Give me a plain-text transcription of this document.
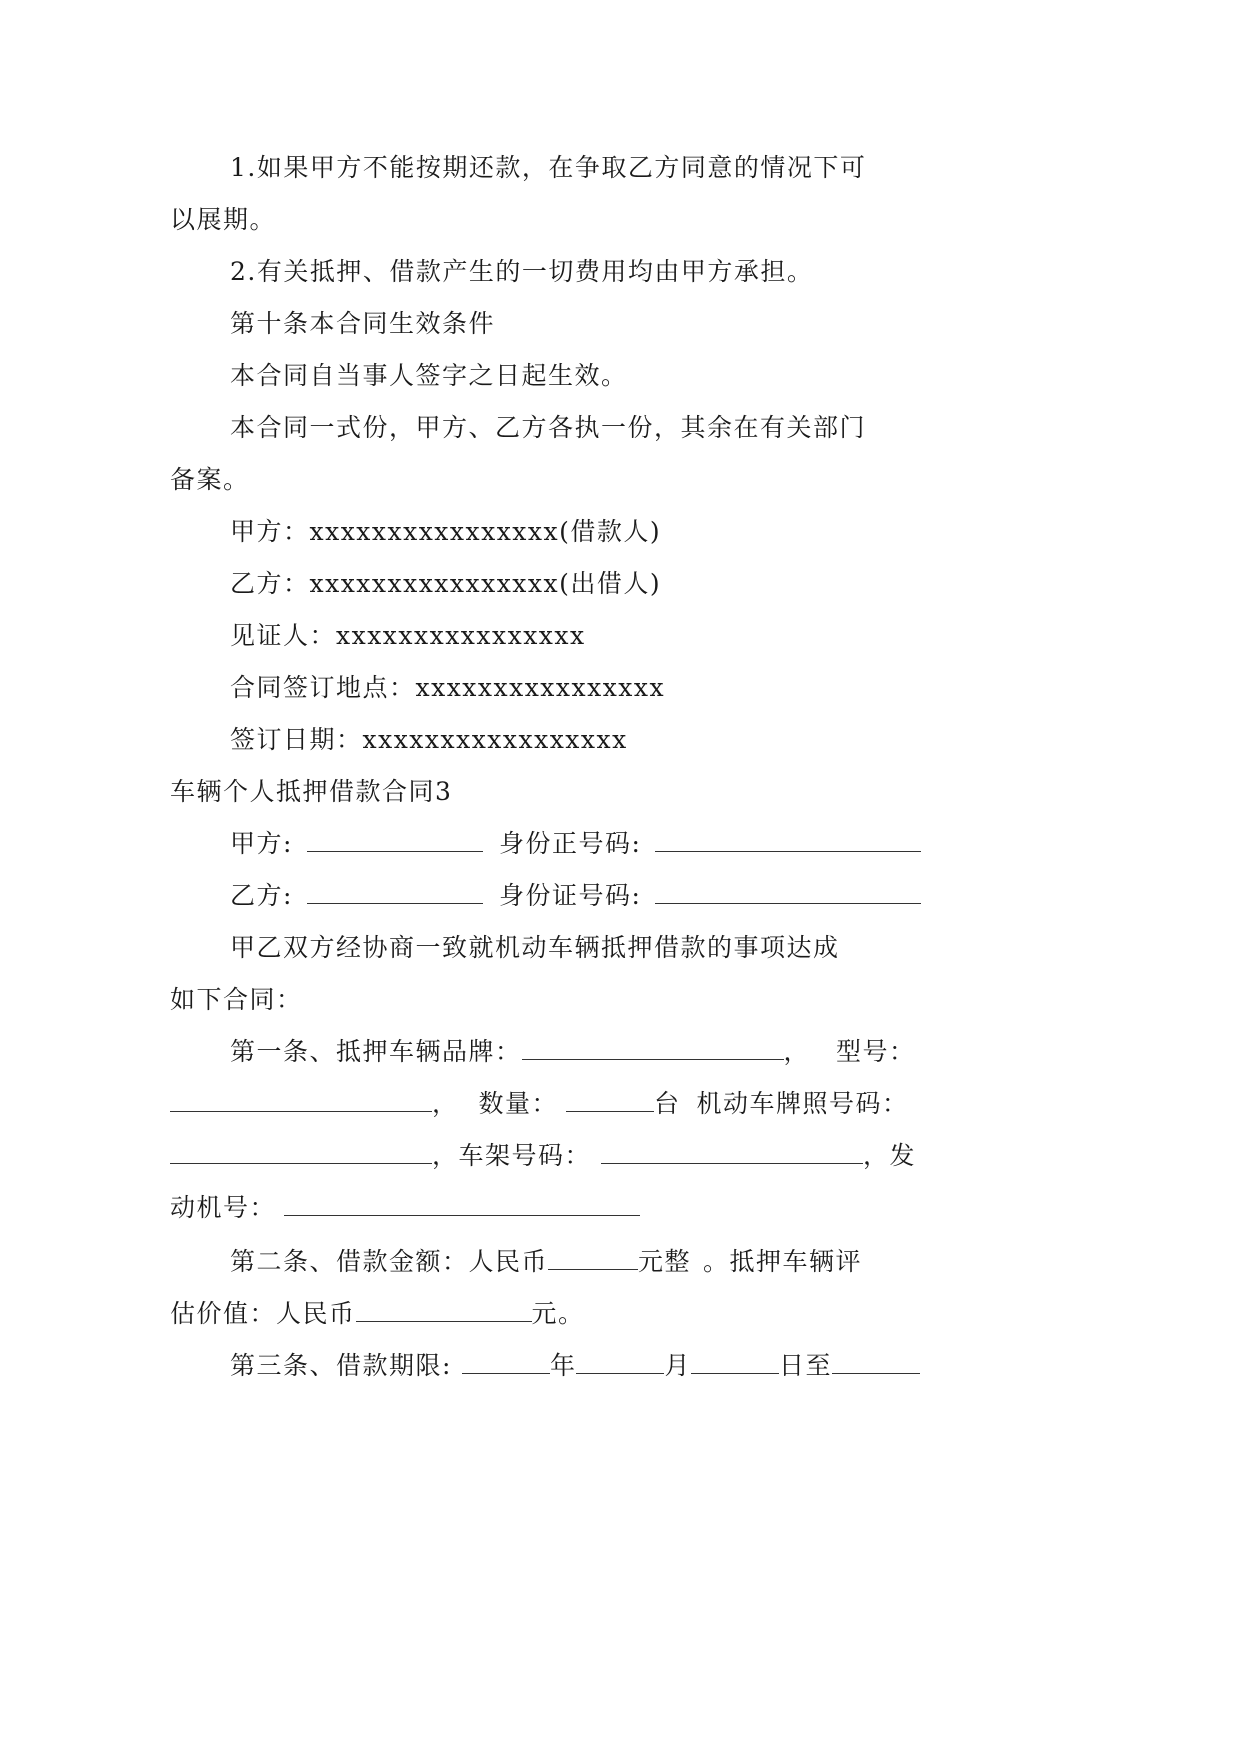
1.如果甲方不能按期还款，在争取乙方同意的情况下可
以展期。
2.有关抵押、借款产生的一切费用均由甲方承担。
第十条本合同生效条件
本合同自当事人签字之日起生效。
本合同一式份，甲方、乙方各执一份，其余在有关部门
备案。
甲方：xxxxxxxxxxxxxxxx(借款人)
乙方：xxxxxxxxxxxxxxxx(出借人)
见证人：xxxxxxxxxxxxxxxx
合同签订地点：xxxxxxxxxxxxxxxx
签订日期：xxxxxxxxxxxxxxxxx
车辆个人抵押借款合同3
甲方:	身份正号码:
乙方:	身份证号码:
甲乙双方经协商一致就机动车辆抵押借款的事项达成
如下合同：
第一条、抵押车辆品牌：	， 型号：
， 数量：	台 机动车牌照号码：
，车架号码：	，发
动机号：
第二条、借款金额：人民币	元整 。抵押车辆评
估价值：人民币	元。
第三条、借款期限:	年	月	日至
